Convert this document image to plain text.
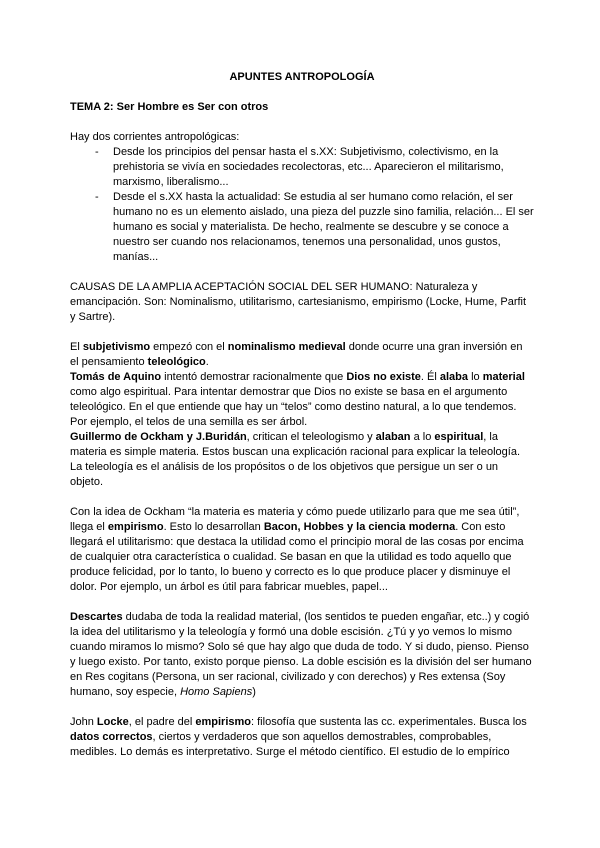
APUNTES ANTROPOLOGÍA

TEMA 2: Ser Hombre es Ser con otros

Hay dos corrientes antropológicas:

- Desde los principios del pensar hasta el s.XX: Subjetivismo, colectivismo, en la prehistoria se vivía en sociedades recolectoras, etc... Aparecieron el militarismo, marxismo, liberalismo...
- Desde el s.XX hasta la actualidad: Se estudia al ser humano como relación, el ser humano no es un elemento aislado, una pieza del puzzle sino familia, relación... El ser humano es social y materialista. De hecho, realmente se descubre y se conoce a nuestro ser cuando nos relacionamos, tenemos una personalidad, unos gustos, manías...

CAUSAS DE LA AMPLIA ACEPTACIÓN SOCIAL DEL SER HUMANO: Naturaleza y emancipación. Son: Nominalismo, utilitarismo, cartesianismo, empirismo (Locke, Hume, Parfit y Sartre).

El subjetivismo empezó con el nominalismo medieval donde ocurre una gran inversión en el pensamiento teleológico.

Tomás de Aquino intentó demostrar racionalmente que Dios no existe. Él alaba lo material como algo espiritual. Para intentar demostrar que Dios no existe se basa en el argumento teleológico. En el que entiende que hay un “telos” como destino natural, a lo que tendemos. Por ejemplo, el telos de una semilla es ser árbol.

Guillermo de Ockham y J.Buridán, critican el teleologismo y alaban a lo espiritual, la materia es simple materia. Estos buscan una explicación racional para explicar la teleología. La teleología es el análisis de los propósitos o de los objetivos que persigue un ser o un objeto.

Con la idea de Ockham “la materia es materia y cómo puede utilizarlo para que me sea útil”, llega el empirismo. Esto lo desarrollan Bacon, Hobbes y la ciencia moderna. Con esto llegará el utilitarismo: que destaca la utilidad como el principio moral de las cosas por encima de cualquier otra característica o cualidad. Se basan en que la utilidad es todo aquello que produce felicidad, por lo tanto, lo bueno y correcto es lo que produce placer y disminuye el dolor. Por ejemplo, un árbol es útil para fabricar muebles, papel...

Descartes dudaba de toda la realidad material, (los sentidos te pueden engañar, etc..) y cogió la idea del utilitarismo y la teleología y formó una doble escisión. ¿Tú y yo vemos lo mismo cuando miramos lo mismo? Solo sé que hay algo que duda de todo. Y si dudo, pienso. Pienso y luego existo. Por tanto, existo porque pienso. La doble escisión es la división del ser humano en Res cogitans (Persona, un ser racional, civilizado y con derechos) y Res extensa (Soy humano, soy especie, Homo Sapiens)

John Locke, el padre del empirismo: filosofía que sustenta las cc. experimentales. Busca los datos correctos, ciertos y verdaderos que son aquellos demostrables, comprobables, medibles. Lo demás es interpretativo. Surge el método científico. El estudio de lo empírico
